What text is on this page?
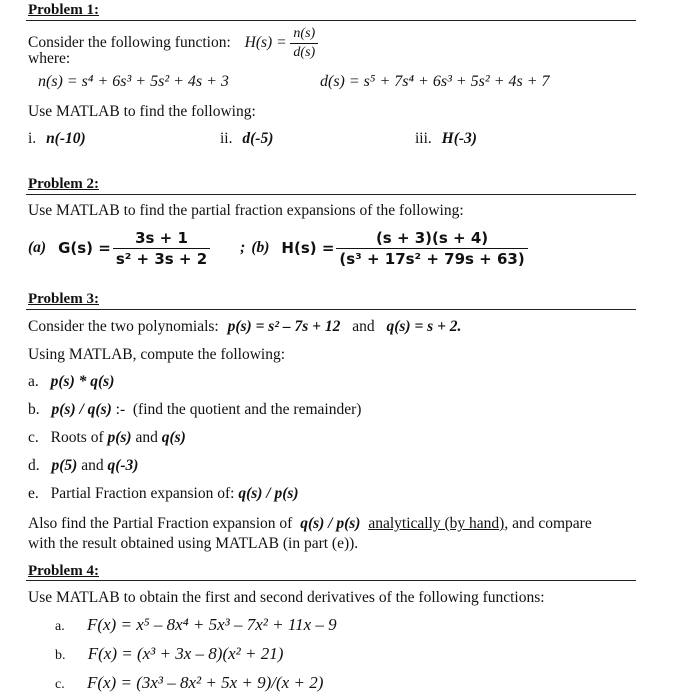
Problem 1:
Consider the following function: $H(s) = \frac{n(s)}{d(s)}$
where:
n(s) = s⁴ + 6s³ + 5s² + 4s + 3	d(s) = s⁵ + 7s⁴ + 6s³ + 5s² + 4s + 7
Use MATLAB to find the following:
i. n(-10)	ii. d(-5)	iii. H(-3)
Problem 2:
Use MATLAB to find the partial fraction expansions of the following:
(a) $G(s) = \frac{3s + 1}{\text{s² + 3s + 2}}$ ; (b) $H(s) = \frac{(s + 3)(s + 4)}{\text{(s³ + 17s² + 79s + 63)}}$
Problem 3:
Consider the two polynomials: p(s) = s² – 7s + 12 and q(s) = s + 2.
Using MATLAB, compute the following:
a. p(s) * q(s)
b. p(s) / q(s) :-  (find the quotient and the remainder)
c. Roots of p(s) and q(s)
d. p(5) and q(-3)
e. Partial Fraction expansion of: q(s) / p(s)
Also find the Partial Fraction expansion of q(s) / p(s) analytically (by hand), and compare
with the result obtained using MATLAB (in part (e)).
Problem 4:
Use MATLAB to obtain the first and second derivatives of the following functions:
a. F(x) = x⁵ – 8x⁴ + 5x³ – 7x² + 11x – 9
b. F(x) = (x³ + 3x – 8)(x² + 21)
c. F(x) = (3x³ – 8x² + 5x + 9)/(x + 2)
